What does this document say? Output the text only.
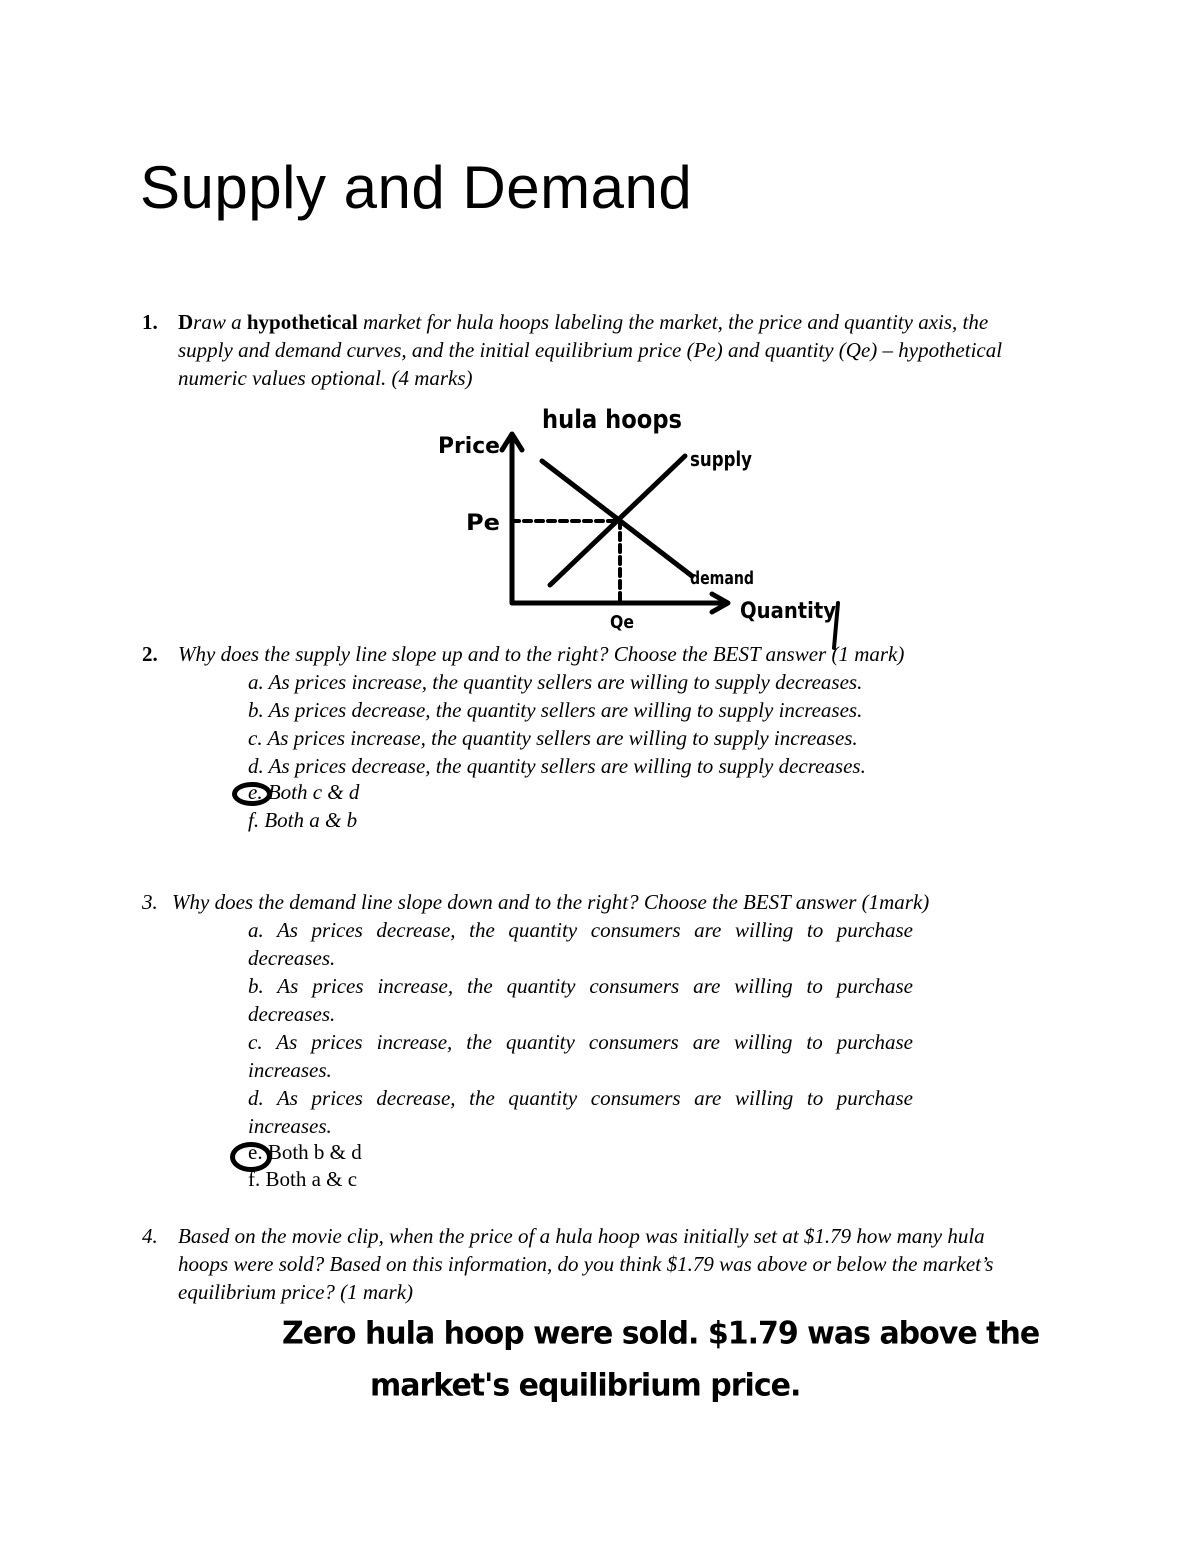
Supply and Demand
1. Draw a hypothetical market for hula hoops labeling the market, the price and quantity axis, the supply and demand curves, and the initial equilibrium price (Pe) and quantity (Qe) – hypothetical numeric values optional. (4 marks)
hula hoops
Price
Pe
supply
demand
Qe	Quantity
2. Why does the supply line slope up and to the right? Choose the BEST answer (1 mark)
a. As prices increase, the quantity sellers are willing to supply decreases.
b. As prices decrease, the quantity sellers are willing to supply increases.
c. As prices increase, the quantity sellers are willing to supply increases.
d. As prices decrease, the quantity sellers are willing to supply decreases.
e. Both c & d
f. Both a & b
3. Why does the demand line slope down and to the right? Choose the BEST answer (1mark)
a. As prices decrease, the quantity consumers are willing to purchase decreases.
b. As prices increase, the quantity consumers are willing to purchase decreases.
c. As prices increase, the quantity consumers are willing to purchase increases.
d. As prices decrease, the quantity consumers are willing to purchase increases.
e. Both b & d
f. Both a & c
4. Based on the movie clip, when the price of a hula hoop was initially set at $1.79 how many hula hoops were sold? Based on this information, do you think $1.79 was above or below the market’s equilibrium price? (1 mark)
Zero hula hoop were sold. $1.79 was above the
market's equilibrium price.
